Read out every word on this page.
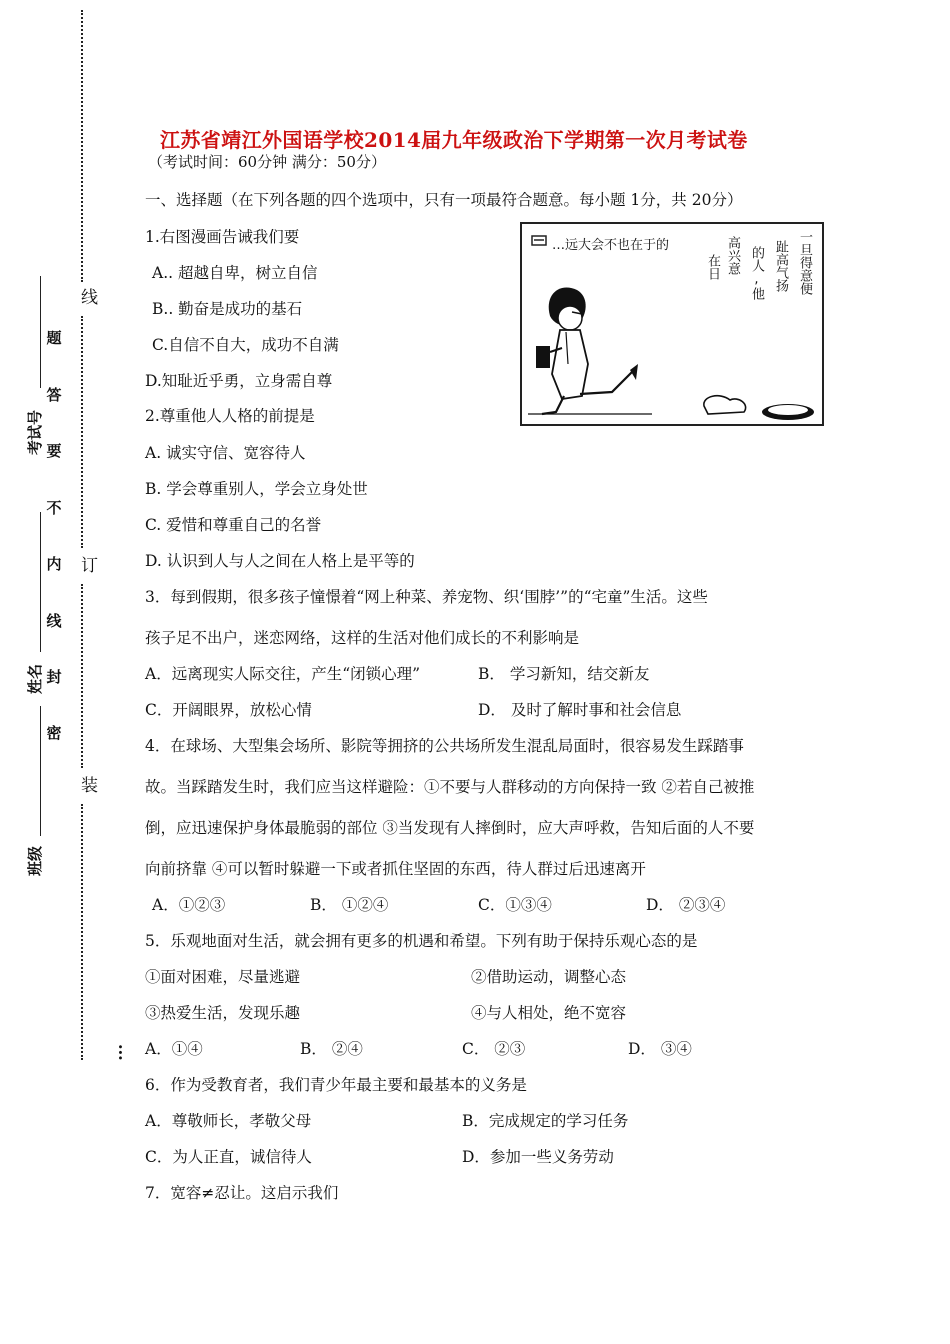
线
订
装
考试号
姓名
班级
密
封
线
内
不
要
答
题
···
江苏省靖江外国语学校2014届九年级政治下学期第一次月考试卷
（考试时间：60分钟 满分：50分）
一、选择题（在下列各题的四个选项中，只有一项最符合题意。每小题 1分，共 20分）
1.右图漫画告诫我们要
A.. 超越自卑，树立自信
B.. 勤奋是成功的基石
C.自信不自大，成功不自满
D.知耻近乎勇，立身需自尊
2.尊重他人人格的前提是
A. 诚实守信、宽容待人
B. 学会尊重别人，学会立身处世
C. 爱惜和尊重自己的名誉
D. 认识到人与人之间在人格上是平等的
3．每到假期，很多孩子憧憬着“网上种菜、养宠物、织‘围脖’”的“宅童”生活。这些
孩子足不出户，迷恋网络，这样的生活对他们成长的不利影响是
A．远离现实人际交往，产生“闭锁心理”	B． 学习新知，结交新友
C．开阔眼界，放松心情	D． 及时了解时事和社会信息
4．在球场、大型集会场所、影院等拥挤的公共场所发生混乱局面时，很容易发生踩踏事
故。当踩踏发生时，我们应当这样避险：①不要与人群移动的方向保持一致 ②若自己被推
倒，应迅速保护身体最脆弱的部位 ③当发现有人摔倒时，应大声呼救，告知后面的人不要
向前挤靠 ④可以暂时躲避一下或者抓住坚固的东西，待人群过后迅速离开
A．①②③	B． ①②④	C．①③④	D． ②③④
5．乐观地面对生活，就会拥有更多的机遇和希望。下列有助于保持乐观心态的是
①面对困难，尽量逃避	②借助运动，调整心态
③热爱生活，发现乐趣	④与人相处，绝不宽容
A．①④	B． ②④	C． ②③	D． ③④
6．作为受教育者，我们青少年最主要和最基本的义务是
A．尊敬师长，孝敬父母	B．完成规定的学习任务
C．为人正直，诚信待人	D．参加一些义务劳动
7．宽容≠忍让。这启示我们
…远大会不也在于的
在日 高兴意 的人,他 趾高气扬 一旦得意便
